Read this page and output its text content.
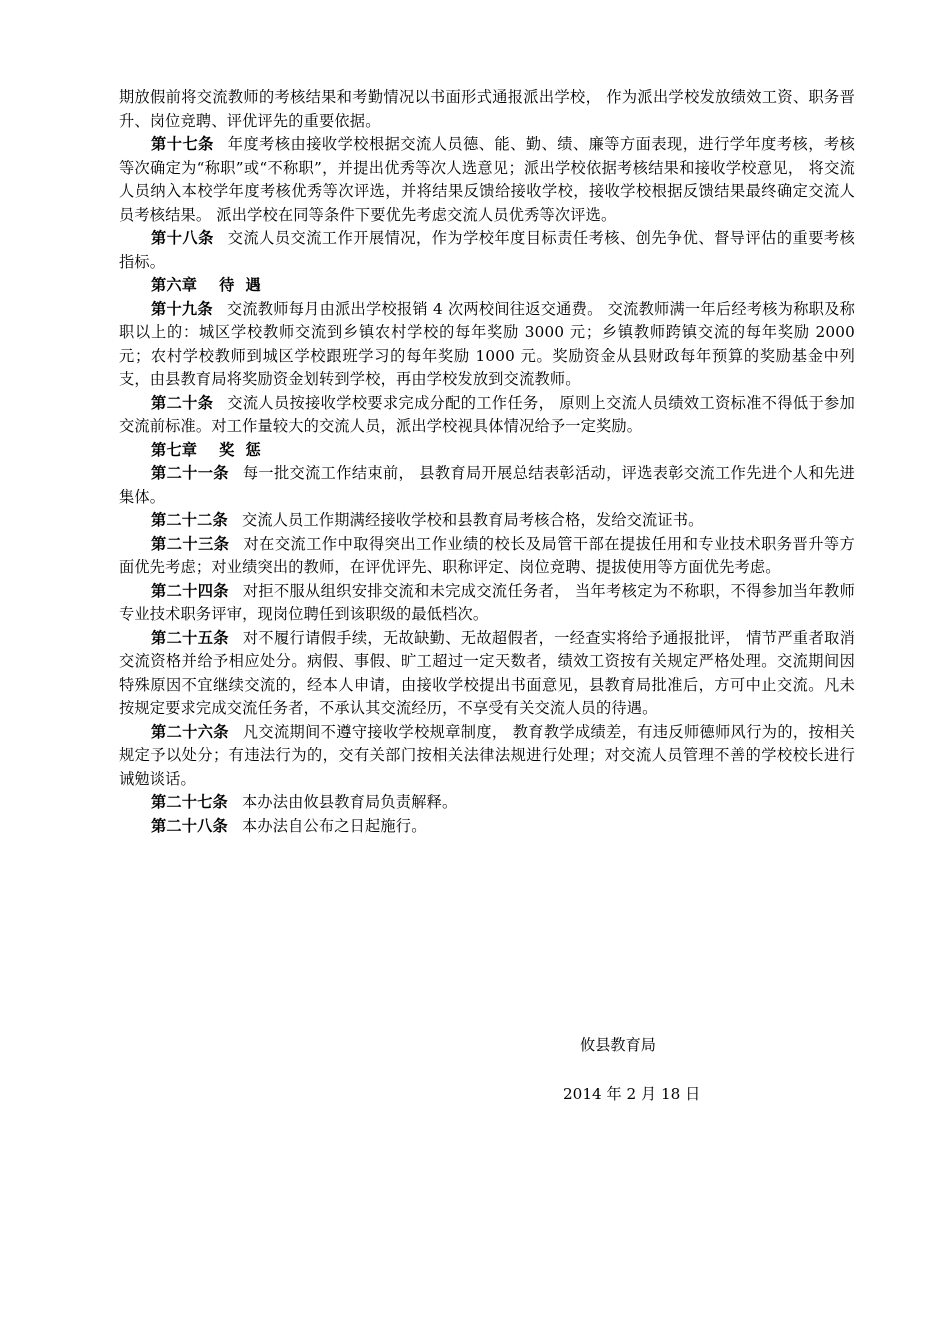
期放假前将交流教师的考核结果和考勤情况以书面形式通报派出学校， 作为派出学校发放绩效工资、职务晋升、岗位竞聘、评优评先的重要依据。

第十七条 年度考核由接收学校根据交流人员德、能、勤、绩、廉等方面表现，进行学年度考核，考核等次确定为“称职”或“不称职”，并提出优秀等次人选意见；派出学校依据考核结果和接收学校意见， 将交流人员纳入本校学年度考核优秀等次评选，并将结果反馈给接收学校，接收学校根据反馈结果最终确定交流人员考核结果。 派出学校在同等条件下要优先考虑交流人员优秀等次评选。

第十八条 交流人员交流工作开展情况，作为学校年度目标责任考核、创先争优、督导评估的重要考核指标。

第六章    待  遇

第十九条 交流教师每月由派出学校报销 4 次两校间往返交通费。 交流教师满一年后经考核为称职及称职以上的：城区学校教师交流到乡镇农村学校的每年奖励 3000 元；乡镇教师跨镇交流的每年奖励 2000 元；农村学校教师到城区学校跟班学习的每年奖励 1000 元。奖励资金从县财政每年预算的奖励基金中列支，由县教育局将奖励资金划转到学校，再由学校发放到交流教师。

第二十条 交流人员按接收学校要求完成分配的工作任务， 原则上交流人员绩效工资标准不得低于参加交流前标准。对工作量较大的交流人员，派出学校视具体情况给予一定奖励。

第七章    奖  惩

第二十一条 每一批交流工作结束前， 县教育局开展总结表彰活动，评选表彰交流工作先进个人和先进集体。

第二十二条 交流人员工作期满经接收学校和县教育局考核合格，发给交流证书。

第二十三条 对在交流工作中取得突出工作业绩的校长及局管干部在提拔任用和专业技术职务晋升等方面优先考虑；对业绩突出的教师，在评优评先、职称评定、岗位竞聘、提拔使用等方面优先考虑。

第二十四条 对拒不服从组织安排交流和未完成交流任务者， 当年考核定为不称职，不得参加当年教师专业技术职务评审，现岗位聘任到该职级的最低档次。

第二十五条 对不履行请假手续，无故缺勤、无故超假者，一经查实将给予通报批评， 情节严重者取消交流资格并给予相应处分。病假、事假、旷工超过一定天数者，绩效工资按有关规定严格处理。交流期间因特殊原因不宜继续交流的，经本人申请，由接收学校提出书面意见，县教育局批准后，方可中止交流。凡未按规定要求完成交流任务者，不承认其交流经历，不享受有关交流人员的待遇。

第二十六条 凡交流期间不遵守接收学校规章制度， 教育教学成绩差，有违反师德师风行为的，按相关规定予以处分；有违法行为的，交有关部门按相关法律法规进行处理；对交流人员管理不善的学校校长进行诫勉谈话。

第二十七条 本办法由攸县教育局负责解释。

第二十八条 本办法自公布之日起施行。

攸县教育局
2014 年 2 月 18 日
